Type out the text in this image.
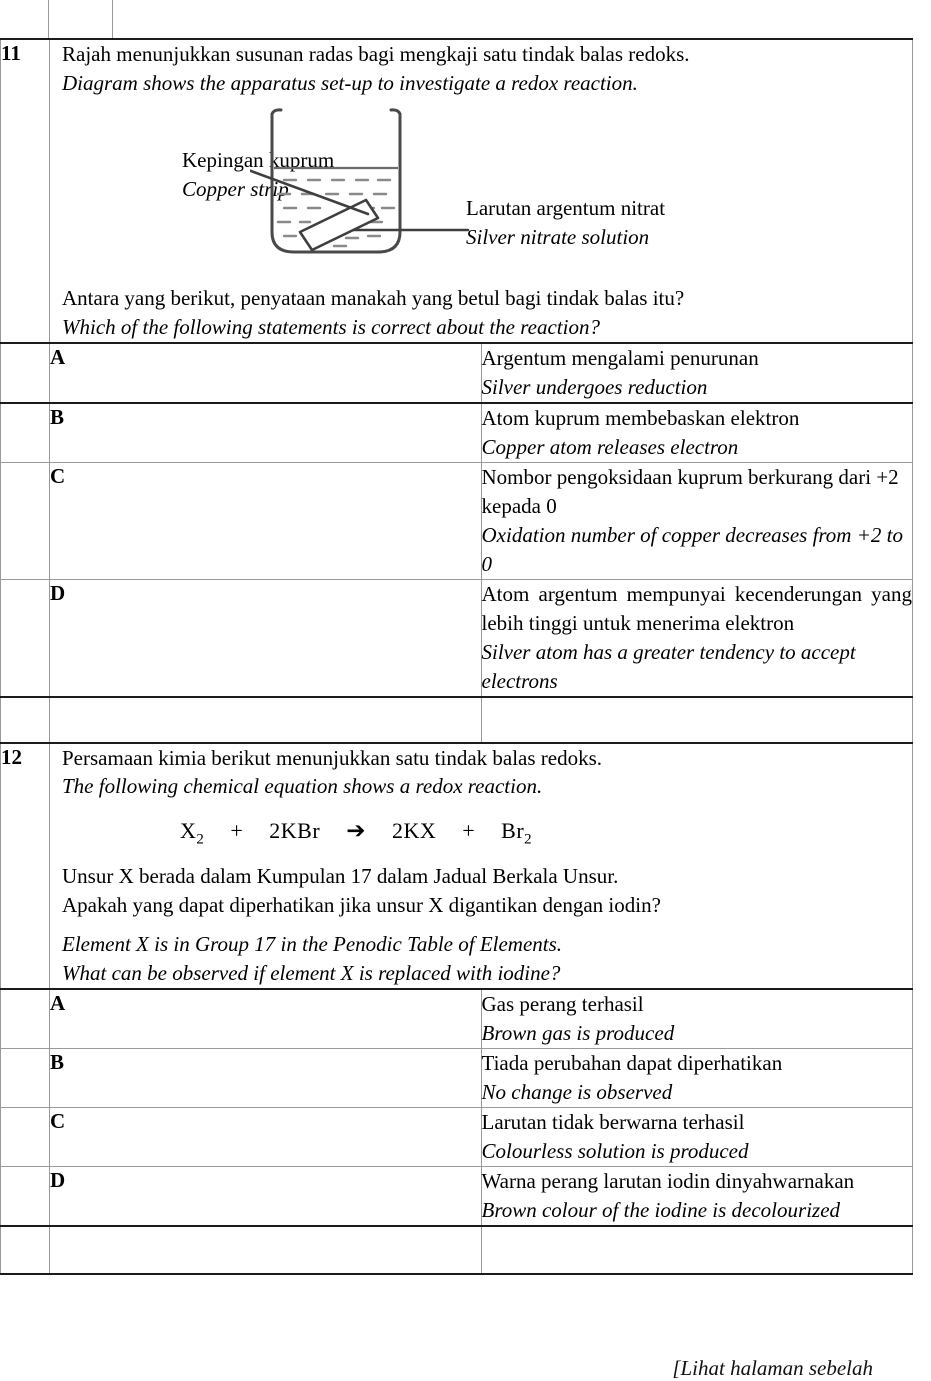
11	Rajah menunjukkan susunan radas bagi mengkaji satu tindak balas redoks.
Diagram shows the apparatus set-up to investigate a redox reaction.
Kepingan kuprum
Copper strip
Larutan argentum nitrat
Silver nitrate solution
Antara yang berikut, penyataan manakah yang betul bagi tindak balas itu?
Which of the following statements is correct about the reaction?

	A	Argentum mengalami penurunan
Silver undergoes reduction

	B	Atom kuprum membebaskan elektron
Copper atom releases electron

	C	Nombor pengoksidaan kuprum berkurang dari +2 kepada 0
Oxidation number of copper decreases from +2 to 0

	D	Atom argentum mempunyai kecenderungan yang lebih tinggi untuk menerima elektron
Silver atom has a greater tendency to accept electrons

12	Persamaan kimia berikut menunjukkan satu tindak balas redoks.
The following chemical equation shows a redox reaction.
$X_2 + 2KBr$ ➔ $2KX + Br_2$
Unsur X berada dalam Kumpulan 17 dalam Jadual Berkala Unsur.
Apakah yang dapat diperhatikan jika unsur X digantikan dengan iodin?
Element X is in Group 17 in the Penodic Table of Elements.
What can be observed if element X is replaced with iodine?

	A	Gas perang terhasil
Brown gas is produced

	B	Tiada perubahan dapat diperhatikan
No change is observed

	C	Larutan tidak berwarna terhasil
Colourless solution is produced

	D	Warna perang larutan iodin dinyahwarnakan
Brown colour of the iodine is decolourized

[Lihat halaman sebelah
